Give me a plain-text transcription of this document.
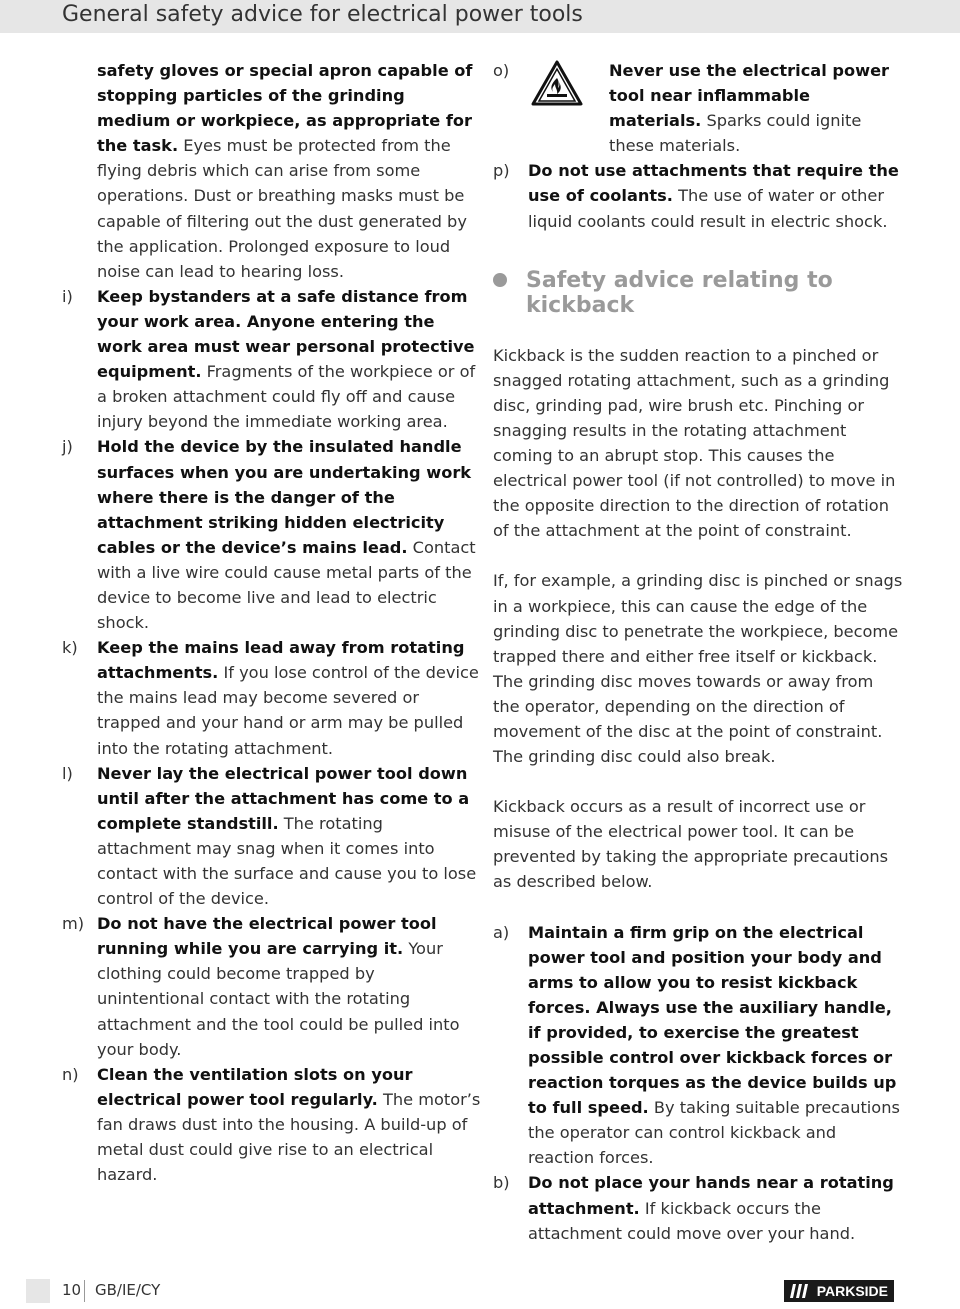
General safety advice for electrical power tools

safety gloves or special apron capable of stopping particles of the grinding medium or workpiece, as appropriate for the task. Eyes must be protected from the flying debris which can arise from some operations. Dust or breathing masks must be capable of filtering out the dust generated by the application. Prolonged exposure to loud noise can lead to hearing loss.

i) Keep bystanders at a safe distance from your work area. Anyone entering the work area must wear personal protective equipment. Fragments of the workpiece or of a broken attachment could fly off and cause injury beyond the immediate working area.
j) Hold the device by the insulated handle surfaces when you are undertaking work where there is the danger of the attachment striking hidden electricity cables or the device’s mains lead. Contact with a live wire could cause metal parts of the device to become live and lead to electric shock.
k) Keep the mains lead away from rotating attachments. If you lose control of the device the mains lead may become severed or trapped and your hand or arm may be pulled into the rotating attachment.
l) Never lay the electrical power tool down until after the attachment has come to a complete standstill. The rotating attachment may snag when it comes into contact with the surface and cause you to lose control of the device.
m) Do not have the electrical power tool running while you are carrying it. Your clothing could become trapped by unintentional contact with the rotating attachment and the tool could be pulled into your body.
n) Clean the ventilation slots on your electrical power tool regularly. The motor’s fan draws dust into the housing. A build-up of metal dust could give rise to an electrical hazard.
o)	Never use the electrical power tool near inflammable materials. Sparks could ignite these materials.
p) Do not use attachments that require the use of coolants. The use of water or other liquid coolants could result in electric shock.
Safety advice relating to kickback

Kickback is the sudden reaction to a pinched or snagged rotating attachment, such as a grinding disc, grinding pad, wire brush etc. Pinching or snagging results in the rotating attachment coming to an abrupt stop. This causes the electrical power tool (if not controlled) to move in the opposite direction to the direction of rotation of the attachment at the point of constraint.

If, for example, a grinding disc is pinched or snags in a workpiece, this can cause the edge of the grinding disc to penetrate the workpiece, become trapped there and either free itself or kickback. The grinding disc moves towards or away from the operator, depending on the direction of movement of the disc at the point of constraint. The grinding disc could also break.

Kickback occurs as a result of incorrect use or misuse of the electrical power tool. It can be prevented by taking the appropriate precautions as described below.

a) Maintain a firm grip on the electrical power tool and position your body and arms to allow you to resist kickback forces. Always use the auxiliary handle, if provided, to exercise the greatest possible control over kickback forces or reaction torques as the device builds up to full speed. By taking suitable precautions the operator can control kickback and reaction forces.
b) Do not place your hands near a rotating attachment. If kickback occurs the attachment could move over your hand.
10 GB/IE/CY	PARKSIDE
